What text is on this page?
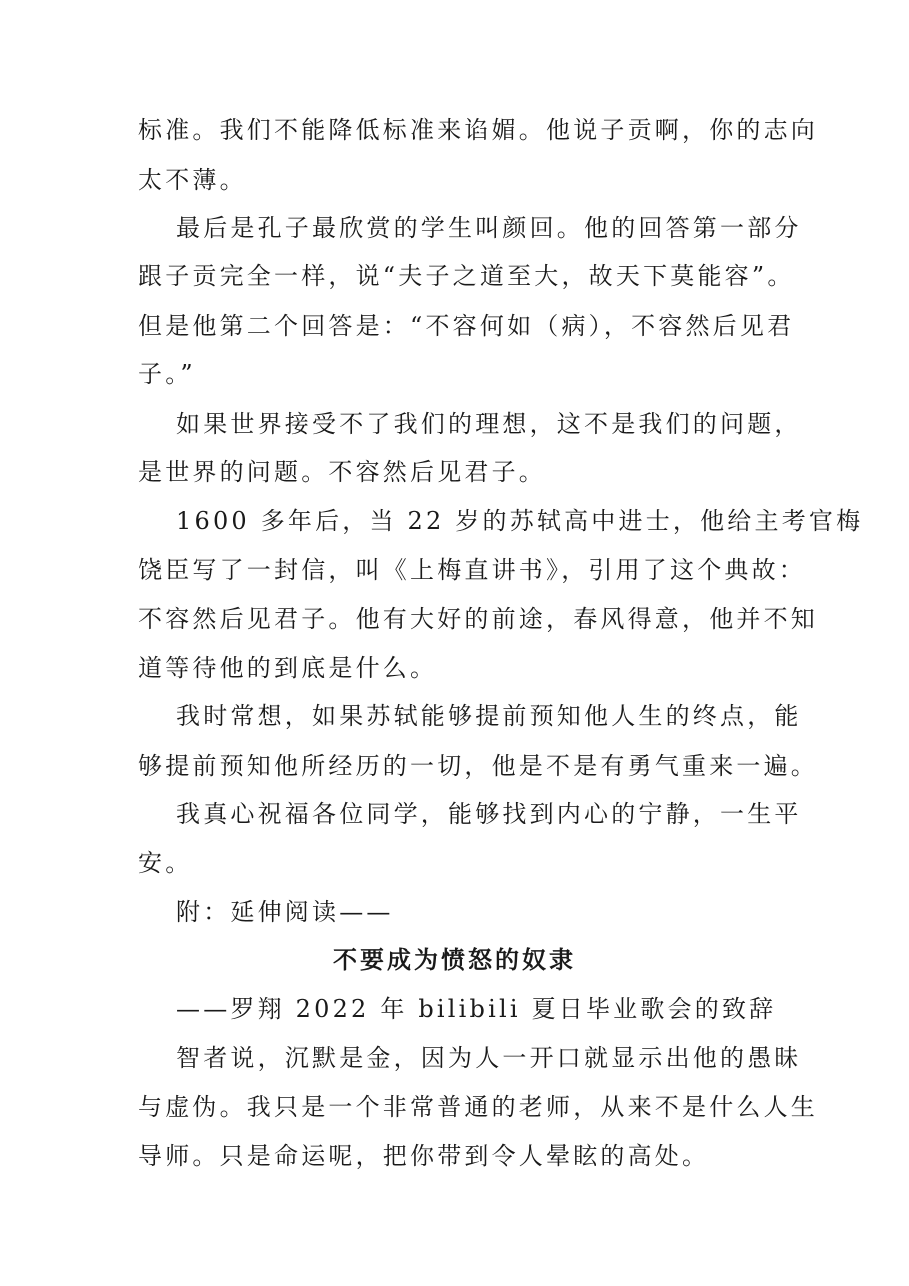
标准。我们不能降低标准来谄媚。他说子贡啊，你的志向
太不薄。
最后是孔子最欣赏的学生叫颜回。他的回答第一部分
跟子贡完全一样，说“夫子之道至大，故天下莫能容”。
但是他第二个回答是：“不容何如（病），不容然后见君
子。”
如果世界接受不了我们的理想，这不是我们的问题，
是世界的问题。不容然后见君子。
1600 多年后，当 22 岁的苏轼高中进士，他给主考官梅
饶臣写了一封信，叫《上梅直讲书》，引用了这个典故：
不容然后见君子。他有大好的前途，春风得意，他并不知
道等待他的到底是什么。
我时常想，如果苏轼能够提前预知他人生的终点，能
够提前预知他所经历的一切，他是不是有勇气重来一遍。
我真心祝福各位同学，能够找到内心的宁静，一生平
安。
附：延伸阅读——
不要成为愤怒的奴隶
——罗翔 2022 年 bilibili 夏日毕业歌会的致辞
智者说，沉默是金，因为人一开口就显示出他的愚昧
与虚伪。我只是一个非常普通的老师，从来不是什么人生
导师。只是命运呢，把你带到令人晕眩的高处。
